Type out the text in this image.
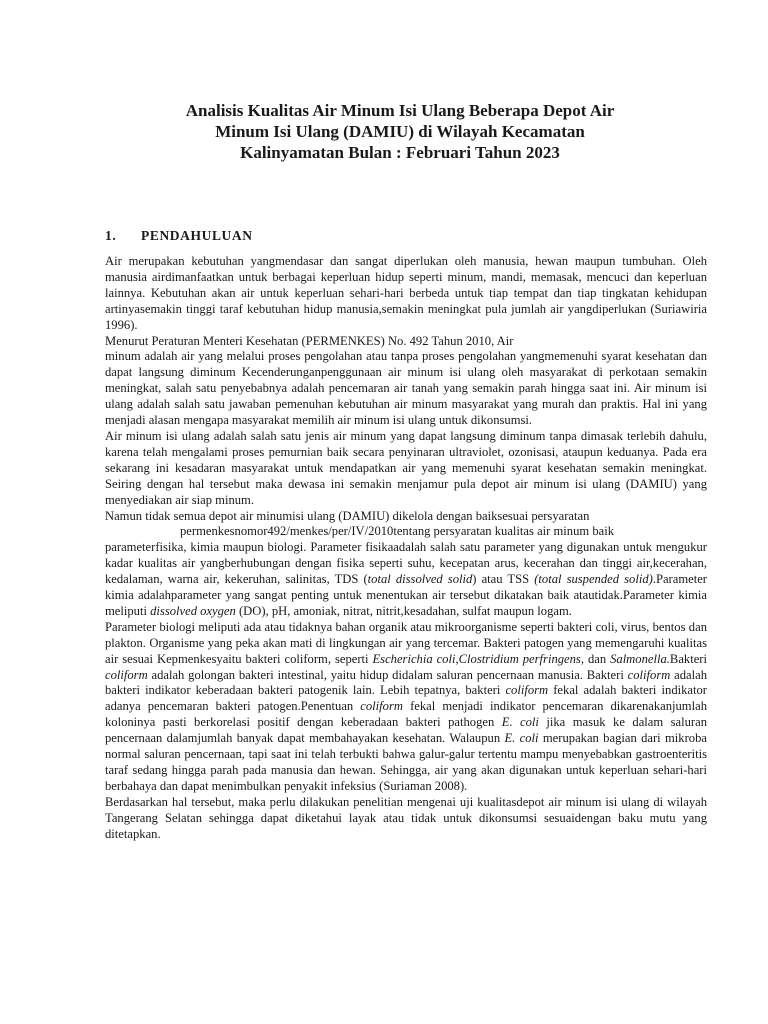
Analisis Kualitas Air Minum Isi Ulang Beberapa Depot Air
Minum Isi Ulang (DAMIU) di Wilayah Kecamatan
Kalinyamatan Bulan : Februari Tahun 2023
1. PENDAHULUAN

Air merupakan kebutuhan yangmendasar dan sangat diperlukan oleh manusia, hewan maupun tumbuhan. Oleh manusia airdimanfaatkan untuk berbagai keperluan hidup seperti minum, mandi, memasak, mencuci dan keperluan lainnya. Kebutuhan akan air untuk keperluan sehari-hari berbeda untuk tiap tempat dan tiap tingkatan kehidupan artinyasemakin tinggi taraf kebutuhan hidup manusia,semakin meningkat pula jumlah air yangdiperlukan (Suriawiria 1996).

Menurut Peraturan Menteri Kesehatan (PERMENKES) No. 492 Tahun 2010, Air

minum adalah air yang melalui proses pengolahan atau tanpa proses pengolahan yangmemenuhi syarat kesehatan dan dapat langsung diminum Kecenderunganpenggunaan air minum isi ulang oleh masyarakat di perkotaan semakin meningkat, salah satu penyebabnya adalah pencemaran air tanah yang semakin parah hingga saat ini. Air minum isi ulang adalah salah satu jawaban pemenuhan kebutuhan air minum masyarakat yang murah dan praktis. Hal ini yang menjadi alasan mengapa masyarakat memilih air minum isi ulang untuk dikonsumsi.

Air minum isi ulang adalah salah satu jenis air minum yang dapat langsung diminum tanpa dimasak terlebih dahulu, karena telah mengalami proses pemurnian baik secara penyinaran ultraviolet, ozonisasi, ataupun keduanya. Pada era sekarang ini kesadaran masyarakat untuk mendapatkan air yang memenuhi syarat kesehatan semakin meningkat. Seiring dengan hal tersebut maka dewasa ini semakin menjamur pula depot air minum isi ulang (DAMIU) yang menyediakan air siap minum.

Namun tidak semua depot air minumisi ulang (DAMIU) dikelola dengan baiksesuai persyaratan
permenkesnomor492/menkes/per/IV/2010tentang persyaratan kualitas air minum baik
parameterfisika, kimia maupun biologi. Parameter fisikaadalah salah satu parameter yang digunakan untuk mengukur kadar kualitas air yangberhubungan dengan fisika seperti suhu, kecepatan arus, kecerahan dan tinggi air,kecerahan, kedalaman, warna air, kekeruhan, salinitas, TDS (total dissolved solid) atau TSS (total suspended solid).Parameter kimia adalahparameter yang sangat penting untuk menentukan air tersebut dikatakan baik atautidak.Parameter kimia meliputi dissolved oxygen (DO), pH, amoniak, nitrat, nitrit,kesadahan, sulfat maupun logam.

Parameter biologi meliputi ada atau tidaknya bahan organik atau mikroorganisme seperti bakteri coli, virus, bentos dan plakton. Organisme yang peka akan mati di lingkungan air yang tercemar. Bakteri patogen yang memengaruhi kualitas air sesuai Kepmenkesyaitu bakteri coliform, seperti Escherichia coli,Clostridium perfringens, dan Salmonella.Bakteri coliform adalah golongan bakteri intestinal, yaitu hidup didalam saluran pencernaan manusia. Bakteri coliform adalah bakteri indikator keberadaan bakteri patogenik lain. Lebih tepatnya, bakteri coliform fekal adalah bakteri indikator adanya pencemaran bakteri patogen.Penentuan coliform fekal menjadi indikator pencemaran dikarenakanjumlah koloninya pasti berkorelasi positif dengan keberadaan bakteri pathogen E. coli jika masuk ke dalam saluran pencernaan dalamjumlah banyak dapat membahayakan kesehatan. Walaupun E. coli merupakan bagian dari mikroba normal saluran pencernaan, tapi saat ini telah terbukti bahwa galur-galur tertentu mampu menyebabkan gastroenteritis taraf sedang hingga parah pada manusia dan hewan. Sehingga, air yang akan digunakan untuk keperluan sehari-hari berbahaya dan dapat menimbulkan penyakit infeksius (Suriaman 2008).

Berdasarkan hal tersebut, maka perlu dilakukan penelitian mengenai uji kualitasdepot air minum isi ulang di wilayah Tangerang Selatan sehingga dapat diketahui layak atau tidak untuk dikonsumsi sesuaidengan baku mutu yang ditetapkan.
